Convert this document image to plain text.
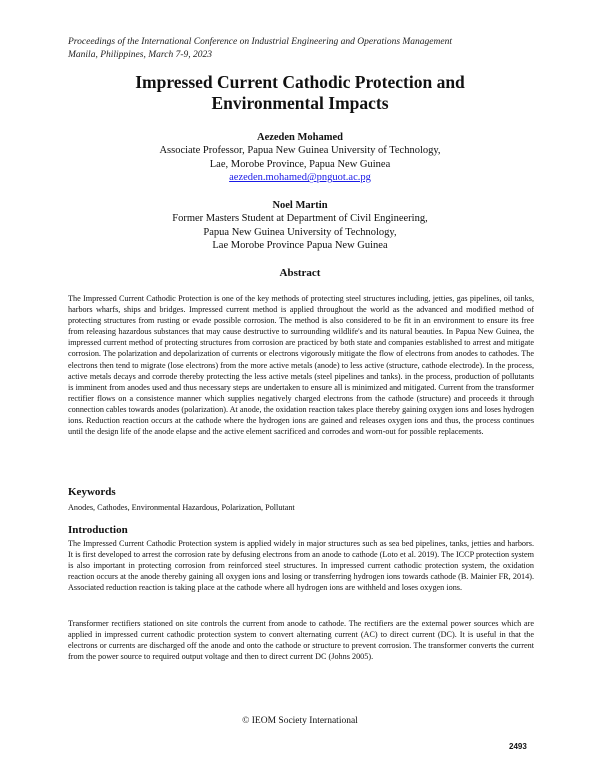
Proceedings of the International Conference on Industrial Engineering and Operations Management
Manila, Philippines, March 7-9, 2023
Impressed Current Cathodic Protection and
Environmental Impacts
Aezeden Mohamed
Associate Professor, Papua New Guinea University of Technology,
Lae, Morobe Province, Papua New Guinea
aezeden.mohamed@pnguot.ac.pg
Noel Martin
Former Masters Student at Department of Civil Engineering,
Papua New Guinea University of Technology,
Lae Morobe Province Papua New Guinea
Abstract
The Impressed Current Cathodic Protection is one of the key methods of protecting steel structures including, jetties, gas pipelines, oil tanks, harbors wharfs, ships and bridges. Impressed current method is applied throughout the world as the advanced and modified method of protecting structures from rusting or evade possible corrosion. The method is also considered to be fit in an environment to ensure its free from releasing hazardous substances that may cause destructive to surrounding wildlife's and its natural beauties. In Papua New Guinea, the impressed current method of protecting structures from corrosion are practiced by both state and companies established to arrest and mitigate corrosion. The polarization and depolarization of currents or electrons vigorously mitigate the flow of electrons from anodes to cathodes. The electrons then tend to migrate (lose electrons) from the more active metals (anode) to less active (structure, cathode electrode). In the process, active metals decays and corrode thereby protecting the less active metals (steel pipelines and tanks). in the process, production of pollutants is imminent from anodes used and thus necessary steps are undertaken to ensure all is minimized and mitigated. Current from the transformer rectifier flows on a consistence manner which supplies negatively charged electrons from the cathode (structure) and proceeds it through connection cables towards anodes (polarization). At anode, the oxidation reaction takes place thereby gaining oxygen ions and loses hydrogen ions. Reduction reaction occurs at the cathode where the hydrogen ions are gained and releases oxygen ions and thus, the process continues until the design life of the anode elapse and the active element sacrificed and corrodes and worn-out for possible replacements.
Keywords
Anodes, Cathodes, Environmental Hazardous, Polarization, Pollutant
Introduction
The Impressed Current Cathodic Protection system is applied widely in major structures such as sea bed pipelines, tanks, jetties and harbors. It is first developed to arrest the corrosion rate by defusing electrons from an anode to cathode (Loto et al. 2019). The ICCP protection system is also important in protecting corrosion from reinforced steel structures. In impressed current cathodic protection system, the oxidation reaction occurs at the anode thereby gaining all oxygen ions and losing or transferring hydrogen ions towards cathode (B. Mainier FR, 2014). Associated reduction reaction is taking place at the cathode where all hydrogen ions are withheld and loses oxygen ions.
Transformer rectifiers stationed on site controls the current from anode to cathode. The rectifiers are the external power sources which are applied in impressed current cathodic protection system to convert alternating current (AC) to direct current (DC). It is useful in that the electrons or currents are discharged off the anode and onto the cathode or structure to prevent corrosion. The transformer converts the current from the power source to required output voltage and then to direct current DC (Johns 2005).
© IEOM Society International
2493
